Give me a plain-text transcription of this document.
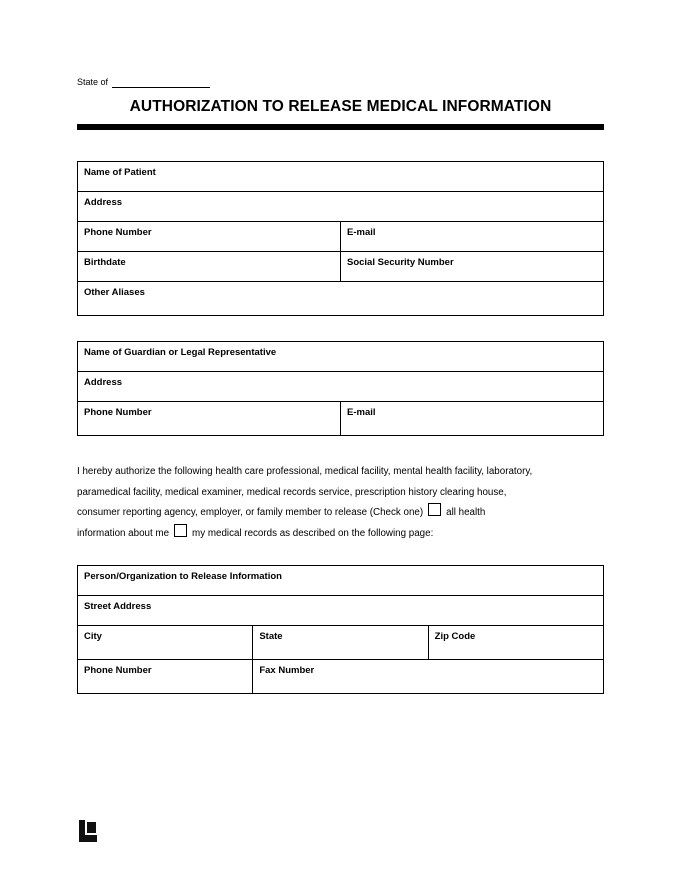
State of
AUTHORIZATION TO RELEASE MEDICAL INFORMATION
Name of Patient	
Address	
Phone Number	E-mail
Birthdate	Social Security Number
Other Aliases	
Name of Guardian or Legal Representative
Address
Phone Number	E-mail
I hereby authorize the following health care professional, medical facility, mental health facility, laboratory,
paramedical facility, medical examiner, medical records service, prescription history clearing house,
consumer reporting agency, employer, or family member to release (Check one) all health
information about me my medical records as described on the following page:
Person/Organization to Release Information		
Street Address		
City	State	Zip Code
Phone Number	Fax Number	
